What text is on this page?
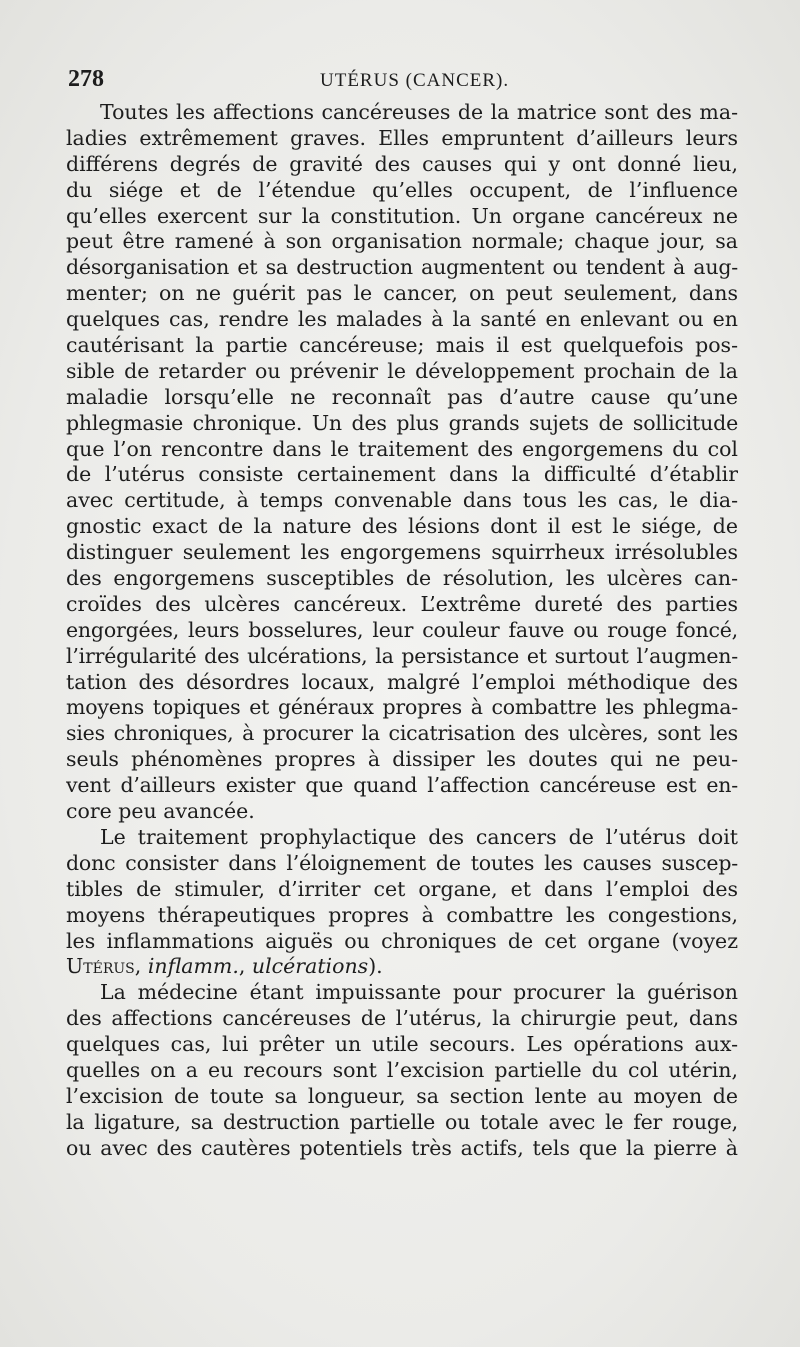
278	UTÉRUS (CANCER).
Toutes les affections cancéreuses de la matrice sont des ma-
ladies extrêmement graves. Elles empruntent d’ailleurs leurs
différens degrés de gravité des causes qui y ont donné lieu,
du siége et de l’étendue qu’elles occupent, de l’influence
qu’elles exercent sur la constitution. Un organe cancéreux ne
peut être ramené à son organisation normale; chaque jour, sa
désorganisation et sa destruction augmentent ou tendent à aug-
menter; on ne guérit pas le cancer, on peut seulement, dans
quelques cas, rendre les malades à la santé en enlevant ou en
cautérisant la partie cancéreuse; mais il est quelquefois pos-
sible de retarder ou prévenir le développement prochain de la
maladie lorsqu’elle ne reconnaît pas d’autre cause qu’une
phlegmasie chronique. Un des plus grands sujets de sollicitude
que l’on rencontre dans le traitement des engorgemens du col
de l’utérus consiste certainement dans la difficulté d’établir
avec certitude, à temps convenable dans tous les cas, le dia-
gnostic exact de la nature des lésions dont il est le siége, de
distinguer seulement les engorgemens squirrheux irrésolubles
des engorgemens susceptibles de résolution, les ulcères can-
croïdes des ulcères cancéreux. L’extrême dureté des parties
engorgées, leurs bosselures, leur couleur fauve ou rouge foncé,
l’irrégularité des ulcérations, la persistance et surtout l’augmen-
tation des désordres locaux, malgré l’emploi méthodique des
moyens topiques et généraux propres à combattre les phlegma-
sies chroniques, à procurer la cicatrisation des ulcères, sont les
seuls phénomènes propres à dissiper les doutes qui ne peu-
vent d’ailleurs exister que quand l’affection cancéreuse est en-
core peu avancée.
Le traitement prophylactique des cancers de l’utérus doit
donc consister dans l’éloignement de toutes les causes suscep-
tibles de stimuler, d’irriter cet organe, et dans l’emploi des
moyens thérapeutiques propres à combattre les congestions,
les inflammations aiguës ou chroniques de cet organe (voyez
Utérus, inflamm., ulcérations).
La médecine étant impuissante pour procurer la guérison
des affections cancéreuses de l’utérus, la chirurgie peut, dans
quelques cas, lui prêter un utile secours. Les opérations aux-
quelles on a eu recours sont l’excision partielle du col utérin,
l’excision de toute sa longueur, sa section lente au moyen de
la ligature, sa destruction partielle ou totale avec le fer rouge,
ou avec des cautères potentiels très actifs, tels que la pierre à
